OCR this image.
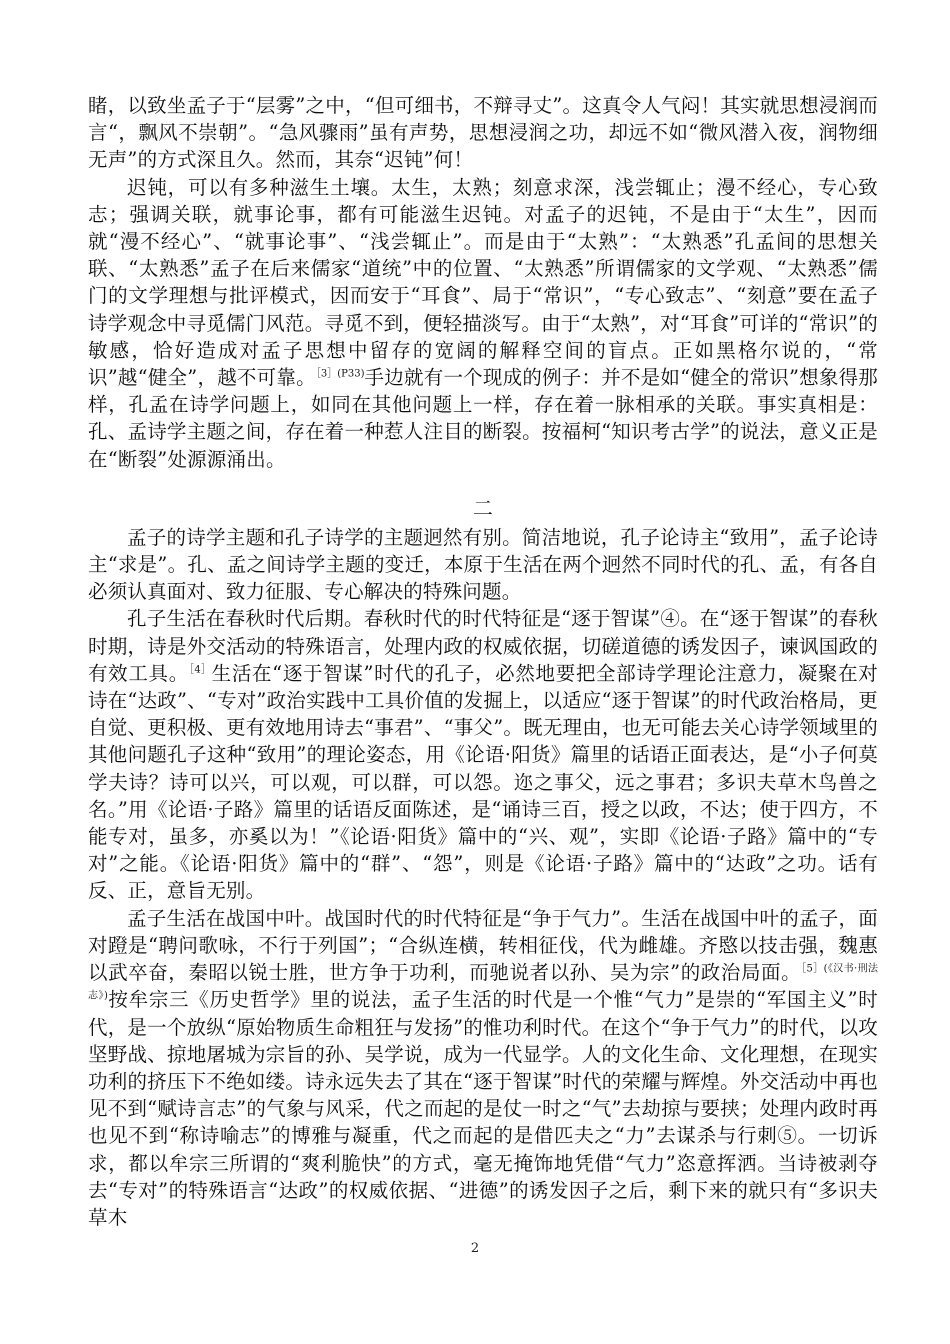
睹，以致坐孟子于“层雾”之中，“但可细书，不辩寻丈”。这真令人气闷！其实就思想浸润而言“，飘风不崇朝”。“急风骤雨”虽有声势，思想浸润之功，却远不如“微风潜入夜，润物细无声”的方式深且久。然而，其奈“迟钝”何！

迟钝，可以有多种滋生土壤。太生，太熟；刻意求深，浅尝辄止；漫不经心，专心致志；强调关联，就事论事，都有可能滋生迟钝。对孟子的迟钝，不是由于“太生”，因而就“漫不经心”、“就事论事”、“浅尝辄止”。而是由于“太熟”：“太熟悉”孔孟间的思想关联、“太熟悉”孟子在后来儒家“道统”中的位置、“太熟悉”所谓儒家的文学观、“太熟悉”儒门的文学理想与批评模式，因而安于“耳食”、局于“常识”，“专心致志”、“刻意”要在孟子诗学观念中寻觅儒门风范。寻觅不到，便轻描淡写。由于“太熟”，对“耳食”可详的“常识”的敏感，恰好造成对孟子思想中留存的宽阔的解释空间的盲点。正如黑格尔说的，“常识”越“健全”，越不可靠。$^{[3](P33)}$手边就有一个现成的例子：并不是如“健全的常识”想象得那样，孔孟在诗学问题上，如同在其他问题上一样，存在着一脉相承的关联。事实真相是：孔、孟诗学主题之间，存在着一种惹人注目的断裂。按福柯“知识考古学”的说法，意义正是在“断裂”处源源涌出。

二

孟子的诗学主题和孔子诗学的主题迥然有别。简洁地说，孔子论诗主“致用”，孟子论诗主“求是”。孔、孟之间诗学主题的变迁，本原于生活在两个迥然不同时代的孔、孟，有各自必须认真面对、致力征服、专心解决的特殊问题。

孔子生活在春秋时代后期。春秋时代的时代特征是“逐于智谋”④。在“逐于智谋”的春秋时期，诗是外交活动的特殊语言，处理内政的权威依据，切磋道德的诱发因子，谏讽国政的有效工具。$^{[4]}$生活在“逐于智谋”时代的孔子，必然地要把全部诗学理论注意力，凝聚在对诗在“达政”、“专对”政治实践中工具价值的发掘上，以适应“逐于智谋”的时代政治格局，更自觉、更积极、更有效地用诗去“事君”、“事父”。既无理由，也无可能去关心诗学领域里的其他问题孔子这种“致用”的理论姿态，用《论语·阳货》篇里的话语正面表达，是“小子何莫学夫诗？诗可以兴，可以观，可以群，可以怨。迩之事父，远之事君；多识夫草木鸟兽之名。”用《论语·子路》篇里的话语反面陈述，是“诵诗三百，授之以政，不达；使于四方，不能专对，虽多，亦奚以为！”《论语·阳货》篇中的“兴、观”，实即《论语·子路》篇中的“专对”之能。《论语·阳货》篇中的“群”、“怨”，则是《论语·子路》篇中的“达政”之功。话有反、正，意旨无别。

孟子生活在战国中叶。战国时代的时代特征是“争于气力”。生活在战国中叶的孟子，面对蹬是“聘问歌咏，不行于列国”；“合纵连横，转相征伐，代为雌雄。齐愍以技击强，魏惠以武卒奋，秦昭以锐士胜，世方争于功利，而驰说者以孙、吴为宗”的政治局面。$^{[5](《汉书\cdot 刑法志》)}$按牟宗三《历史哲学》里的说法，孟子生活的时代是一个惟“气力”是崇的“军国主义”时代，是一个放纵“原始物质生命粗狂与发扬”的惟功利时代。在这个“争于气力”的时代，以攻坚野战、掠地屠城为宗旨的孙、吴学说，成为一代显学。人的文化生命、文化理想，在现实功利的挤压下不绝如缕。诗永远失去了其在“逐于智谋”时代的荣耀与辉煌。外交活动中再也见不到“赋诗言志”的气象与风采，代之而起的是仗一时之“气”去劫掠与要挟；处理内政时再也见不到“称诗喻志”的博雅与凝重，代之而起的是借匹夫之“力”去谋杀与行刺⑤。一切诉求，都以牟宗三所谓的“爽利脆快”的方式，毫无掩饰地凭借“气力”恣意挥洒。当诗被剥夺去“专对”的特殊语言“达政”的权威依据、“进德”的诱发因子之后，剩下来的就只有“多识夫草木

2
